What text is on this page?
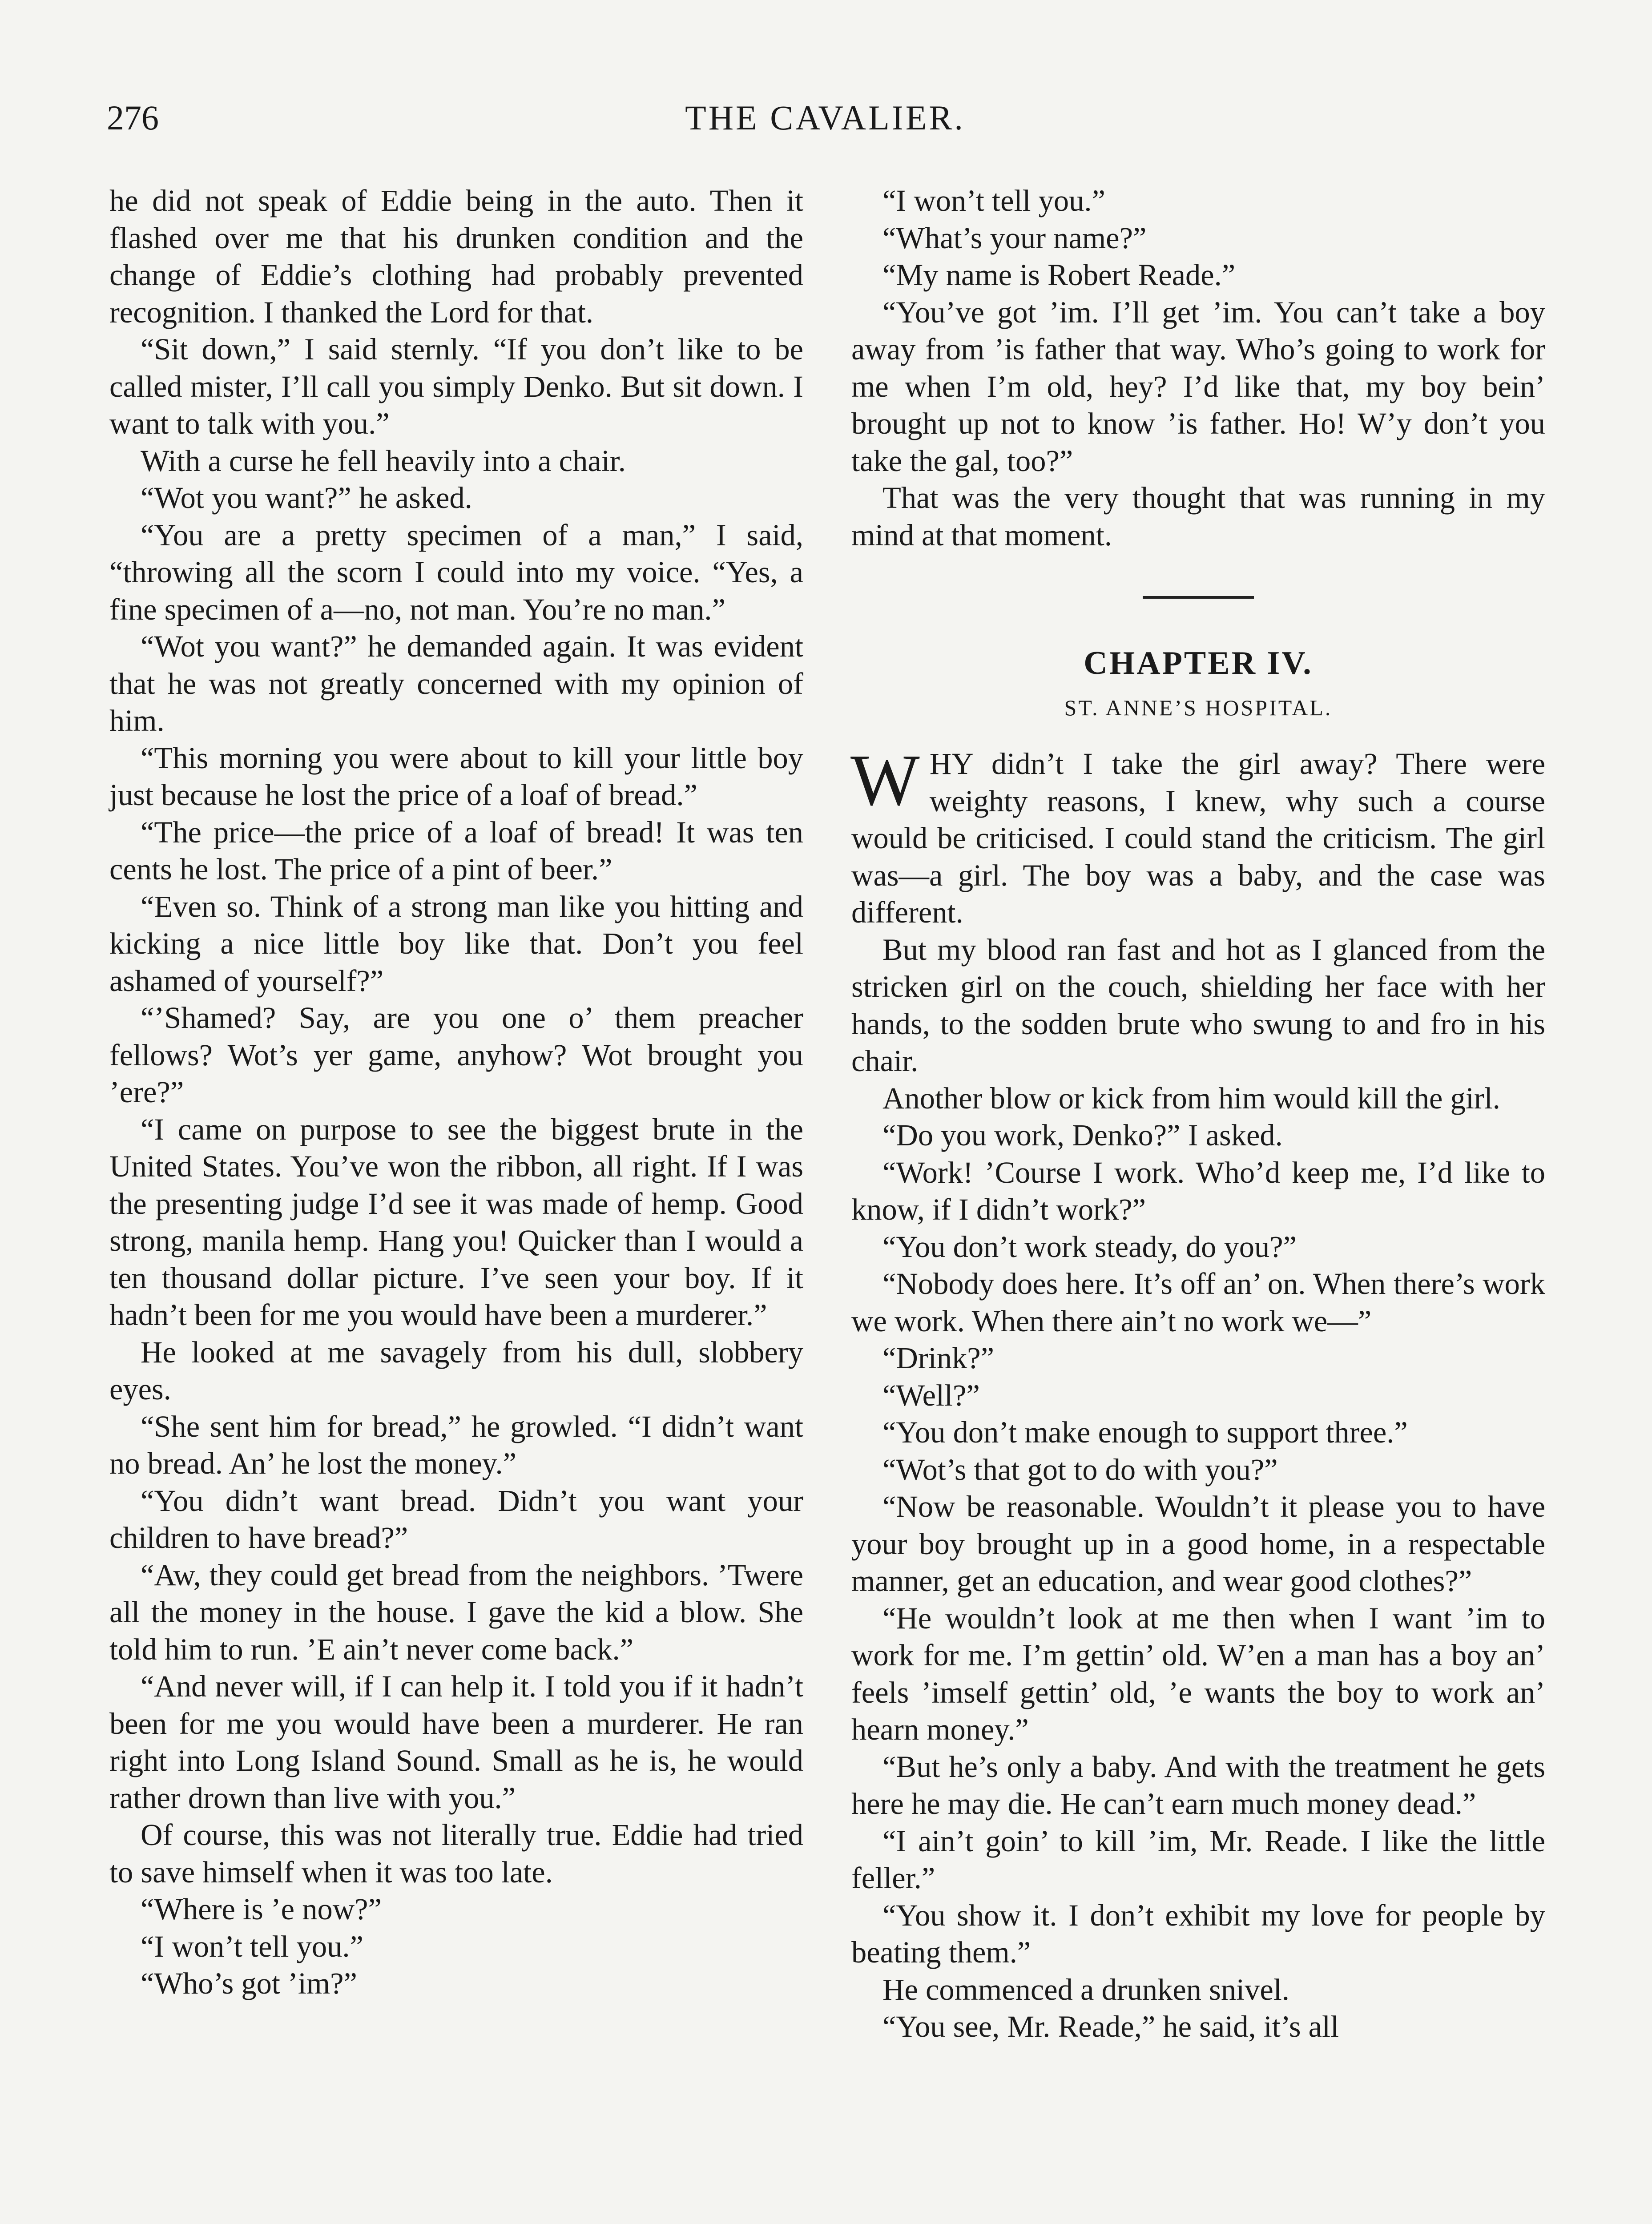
276	THE CAVALIER.

he did not speak of Eddie being in the auto. Then it flashed over me that his drunken condition and the change of Eddie’s clothing had probably prevented recognition. I thanked the Lord for that.

“Sit down,” I said sternly. “If you don’t like to be called mister, I’ll call you simply Denko. But sit down. I want to talk with you.”

With a curse he fell heavily into a chair.

“Wot you want?” he asked.

“You are a pretty specimen of a man,” I said, “throwing all the scorn I could into my voice. “Yes, a fine specimen of a—no, not man. You’re no man.”

“Wot you want?” he demanded again. It was evident that he was not greatly concerned with my opinion of him.

“This morning you were about to kill your little boy just because he lost the price of a loaf of bread.”

“The price—the price of a loaf of bread! It was ten cents he lost. The price of a pint of beer.”

“Even so. Think of a strong man like you hitting and kicking a nice little boy like that. Don’t you feel ashamed of yourself?”

“’Shamed? Say, are you one o’ them preacher fellows? Wot’s yer game, anyhow? Wot brought you ’ere?”

“I came on purpose to see the biggest brute in the United States. You’ve won the ribbon, all right. If I was the presenting judge I’d see it was made of hemp. Good strong, manila hemp. Hang you! Quicker than I would a ten thousand dollar picture. I’ve seen your boy. If it hadn’t been for me you would have been a murderer.”

He looked at me savagely from his dull, slobbery eyes.

“She sent him for bread,” he growled. “I didn’t want no bread. An’ he lost the money.”

“You didn’t want bread. Didn’t you want your children to have bread?”

“Aw, they could get bread from the neighbors. ’Twere all the money in the house. I gave the kid a blow. She told him to run. ’E ain’t never come back.”

“And never will, if I can help it. I told you if it hadn’t been for me you would have been a murderer. He ran right into Long Island Sound. Small as he is, he would rather drown than live with you.”

Of course, this was not literally true. Eddie had tried to save himself when it was too late.

“Where is ’e now?”

“I won’t tell you.”

“Who’s got ’im?”

“I won’t tell you.”

“What’s your name?”

“My name is Robert Reade.”

“You’ve got ’im. I’ll get ’im. You can’t take a boy away from ’is father that way. Who’s going to work for me when I’m old, hey? I’d like that, my boy bein’ brought up not to know ’is father. Ho! W’y don’t you take the gal, too?”

That was the very thought that was running in my mind at that moment.

CHAPTER IV.
ST. ANNE’S HOSPITAL.

WHY didn’t I take the girl away? There were weighty reasons, I knew, why such a course would be criticised. I could stand the criticism. The girl was—a girl. The boy was a baby, and the case was different.

But my blood ran fast and hot as I glanced from the stricken girl on the couch, shielding her face with her hands, to the sodden brute who swung to and fro in his chair.

Another blow or kick from him would kill the girl.

“Do you work, Denko?” I asked.

“Work! ’Course I work. Who’d keep me, I’d like to know, if I didn’t work?”

“You don’t work steady, do you?”

“Nobody does here. It’s off an’ on. When there’s work we work. When there ain’t no work we—”

“Drink?”

“Well?”

“You don’t make enough to support three.”

“Wot’s that got to do with you?”

“Now be reasonable. Wouldn’t it please you to have your boy brought up in a good home, in a respectable manner, get an education, and wear good clothes?”

“He wouldn’t look at me then when I want ’im to work for me. I’m gettin’ old. W’en a man has a boy an’ feels ’imself gettin’ old, ’e wants the boy to work an’ hearn money.”

“But he’s only a baby. And with the treatment he gets here he may die. He can’t earn much money dead.”

“I ain’t goin’ to kill ’im, Mr. Reade. I like the little feller.”

“You show it. I don’t exhibit my love for people by beating them.”

He commenced a drunken snivel.

“You see, Mr. Reade,” he said, it’s all
